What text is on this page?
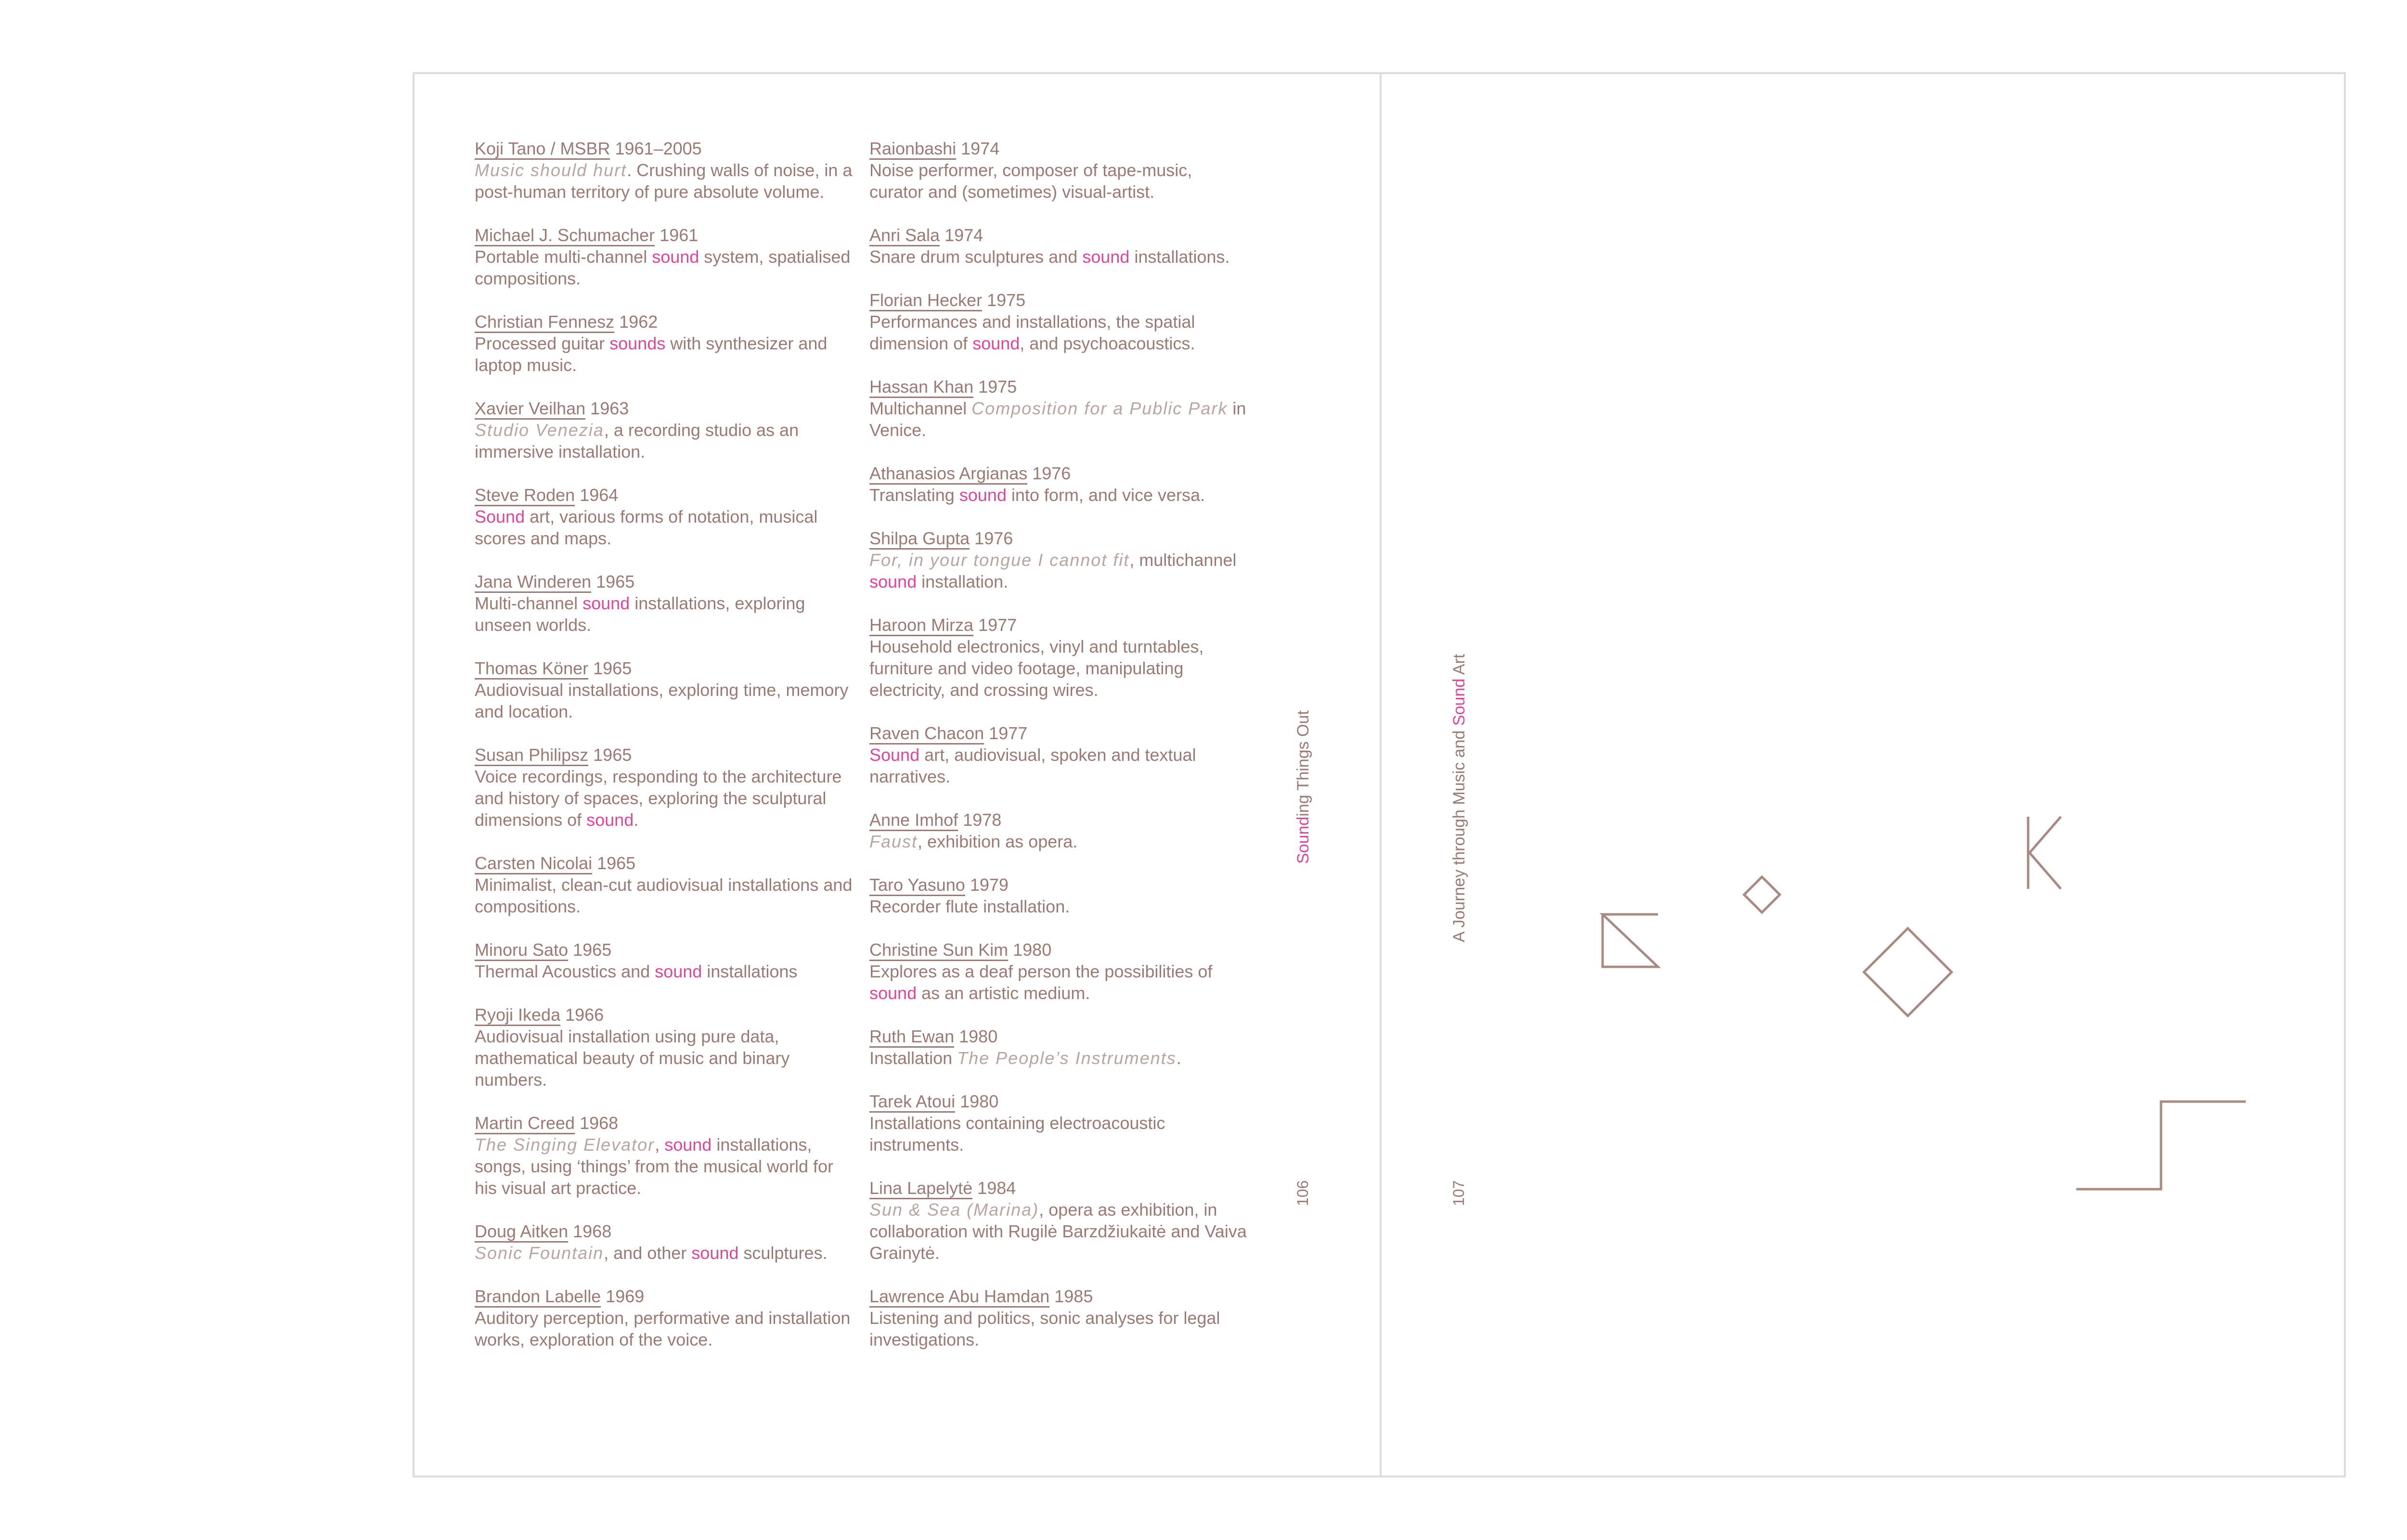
Koji Tano / MSBR 1961–2005
Music should hurt. Crushing walls of noise, in a post-human territory of pure absolute volume.
Michael J. Schumacher 1961
Portable multi-channel sound system, spatialised compositions.
Christian Fennesz 1962
Processed guitar sounds with synthesizer and laptop music.
Xavier Veilhan 1963
Studio Venezia, a recording studio as an immersive installation.
Steve Roden 1964
Sound art, various forms of notation, musical scores and maps.
Jana Winderen 1965
Multi-channel sound installations, exploring unseen worlds.
Thomas Köner 1965
Audiovisual installations, exploring time, memory and location.
Susan Philipsz 1965
Voice recordings, responding to the architecture and history of spaces, exploring the sculptural dimensions of sound.
Carsten Nicolai 1965
Minimalist, clean-cut audiovisual installations and compositions.
Minoru Sato 1965
Thermal Acoustics and sound installations
Ryoji Ikeda 1966
Audiovisual installation using pure data, mathematical beauty of music and binary numbers.
Martin Creed 1968
The Singing Elevator, sound installations, songs, using ‘things’ from the musical world for his visual art practice.
Doug Aitken 1968
Sonic Fountain, and other sound sculptures.
Brandon Labelle 1969
Auditory perception, performative and installation works, exploration of the voice.
Raionbashi 1974
Noise performer, composer of tape-music, curator and (sometimes) visual-artist.
Anri Sala 1974
Snare drum sculptures and sound installations.
Florian Hecker 1975
Performances and installations, the spatial dimension of sound, and psychoacoustics.
Hassan Khan 1975
Multichannel Composition for a Public Park in Venice.
Athanasios Argianas 1976
Translating sound into form, and vice versa.
Shilpa Gupta 1976
For, in your tongue I cannot fit, multichannel sound installation.
Haroon Mirza 1977
Household electronics, vinyl and turntables, furniture and video footage, manipulating electricity, and crossing wires.
Raven Chacon 1977
Sound art, audiovisual, spoken and textual narratives.
Anne Imhof 1978
Faust, exhibition as opera.
Taro Yasuno 1979
Recorder flute installation.
Christine Sun Kim 1980
Explores as a deaf person the possibilities of sound as an artistic medium.
Ruth Ewan 1980
Installation The People’s Instruments.
Tarek Atoui 1980
Installations containing electroacoustic instruments.
Lina Lapelytė 1984
Sun & Sea (Marina), opera as exhibition, in collaboration with Rugilė Barzdžiukaitė and Vaiva Grainytė.
Lawrence Abu Hamdan 1985
Listening and politics, sonic analyses for legal investigations.
Sounding Things Out	A Journey through Music and Sound Art
106	107
